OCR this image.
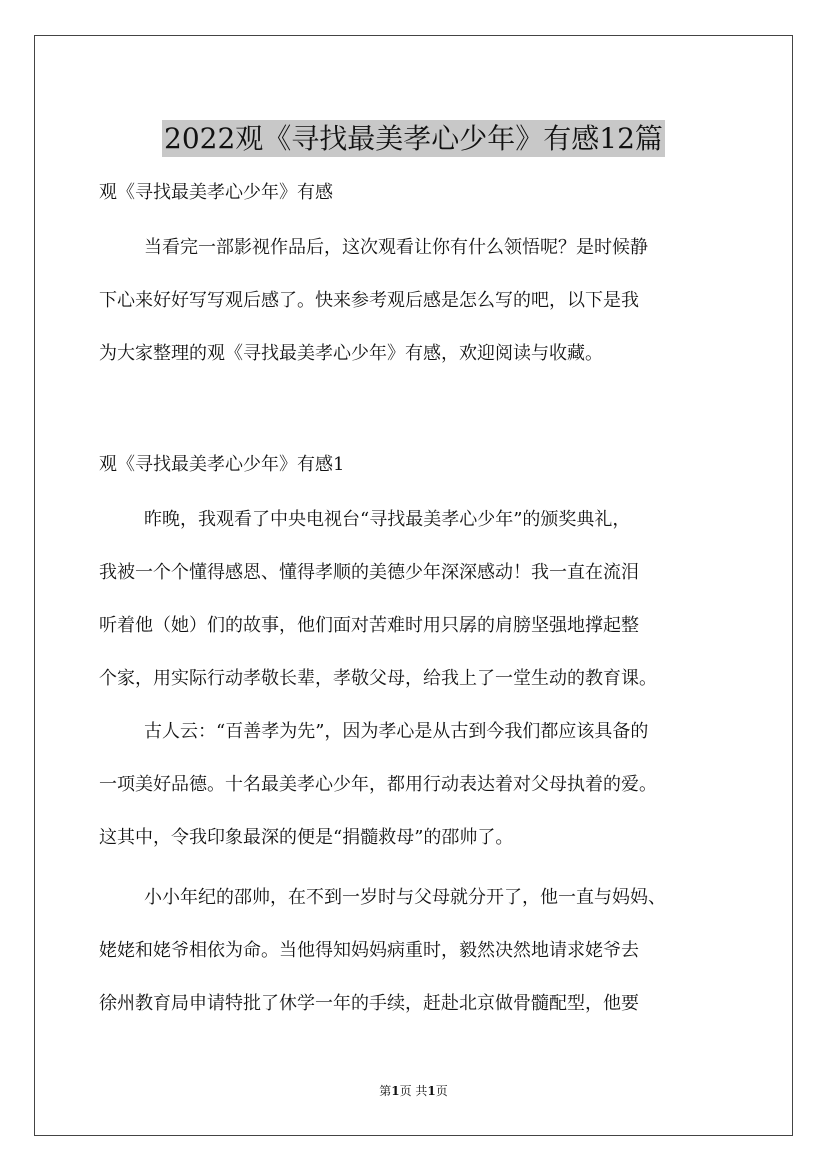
2022观《寻找最美孝心少年》有感12篇
观《寻找最美孝心少年》有感
当看完一部影视作品后，这次观看让你有什么领悟呢？是时候静
下心来好好写写观后感了。快来参考观后感是怎么写的吧，以下是我
为大家整理的观《寻找最美孝心少年》有感，欢迎阅读与收藏。
观《寻找最美孝心少年》有感1
昨晚，我观看了中央电视台“寻找最美孝心少年”的颁奖典礼，
我被一个个懂得感恩、懂得孝顺的美德少年深深感动！我一直在流泪
听着他（她）们的故事，他们面对苦难时用只孱的肩膀坚强地撑起整
个家，用实际行动孝敬长辈，孝敬父母，给我上了一堂生动的教育课。
古人云：“百善孝为先”，因为孝心是从古到今我们都应该具备的
一项美好品德。十名最美孝心少年，都用行动表达着对父母执着的爱。
这其中，令我印象最深的便是“捐髓救母”的邵帅了。
小小年纪的邵帅，在不到一岁时与父母就分开了，他一直与妈妈、
姥姥和姥爷相依为命。当他得知妈妈病重时，毅然决然地请求姥爷去
徐州教育局申请特批了休学一年的手续，赶赴北京做骨髓配型，他要
第1页 共1页
